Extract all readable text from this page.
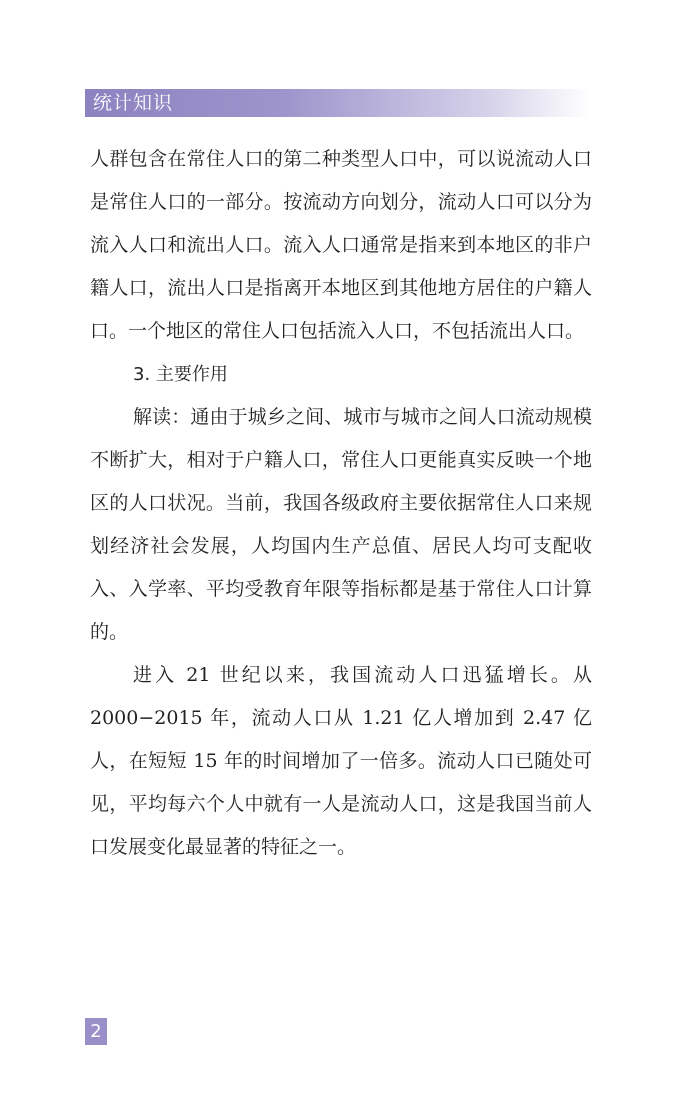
统计知识

人群包含在常住人口的第二种类型人口中，可以说流动人口是常住人口的一部分。按流动方向划分，流动人口可以分为流入人口和流出人口。流入人口通常是指来到本地区的非户籍人口，流出人口是指离开本地区到其他地方居住的户籍人口。一个地区的常住人口包括流入人口，不包括流出人口。

3. 主要作用

解读：通由于城乡之间、城市与城市之间人口流动规模不断扩大，相对于户籍人口，常住人口更能真实反映一个地区的人口状况。当前，我国各级政府主要依据常住人口来规划经济社会发展，人均国内生产总值、居民人均可支配收入、入学率、平均受教育年限等指标都是基于常住人口计算的。

进入 21 世纪以来，我国流动人口迅猛增长。从 2000−2015 年，流动人口从 1.21 亿人增加到 2.47 亿人，在短短 15 年的时间增加了一倍多。流动人口已随处可见，平均每六个人中就有一人是流动人口，这是我国当前人口发展变化最显著的特征之一。

2
